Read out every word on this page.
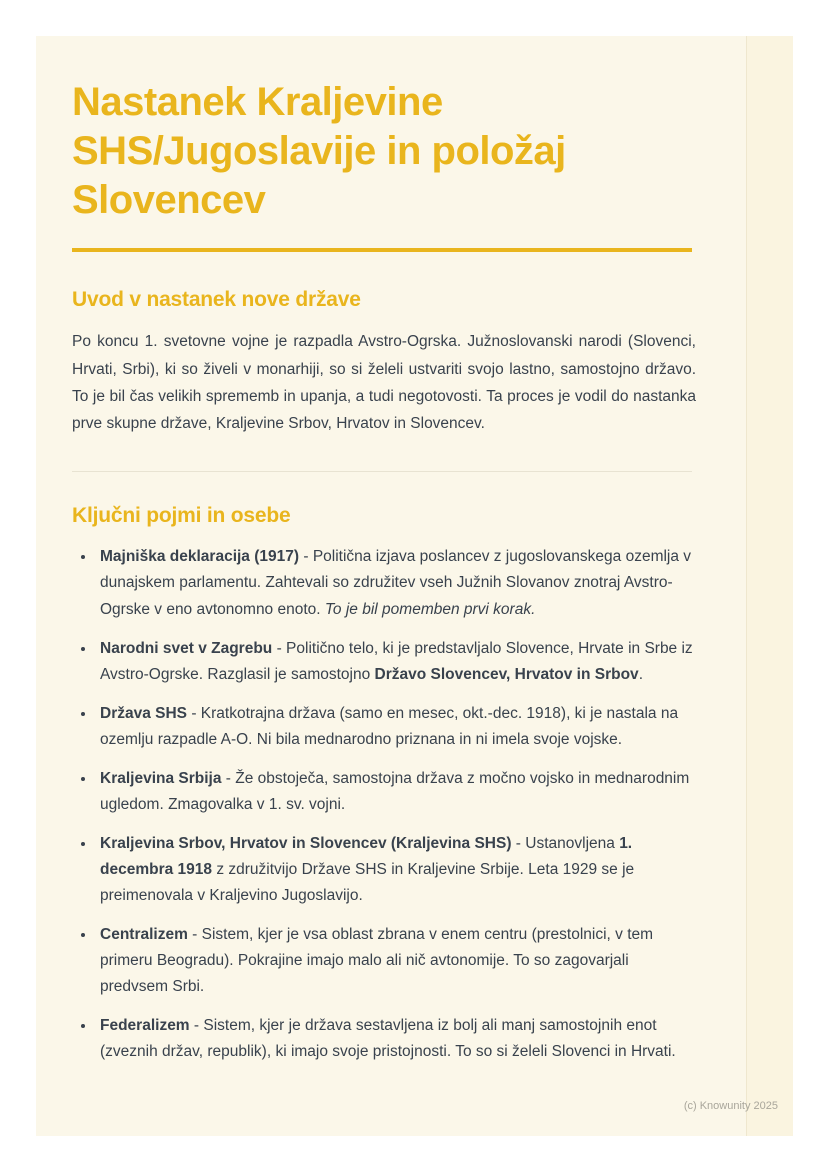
Nastanek Kraljevine SHS/Jugoslavije in položaj Slovencev
Uvod v nastanek nove države

Po koncu 1. svetovne vojne je razpadla Avstro-Ogrska. Južnoslovanski narodi (Slovenci, Hrvati, Srbi), ki so živeli v monarhiji, so si želeli ustvariti svojo lastno, samostojno državo. To je bil čas velikih sprememb in upanja, a tudi negotovosti. Ta proces je vodil do nastanka prve skupne države, Kraljevine Srbov, Hrvatov in Slovencev.

Ključni pojmi in osebe
• Majniška deklaracija (1917) - Politična izjava poslancev z jugoslovanskega ozemlja v dunajskem parlamentu. Zahtevali so združitev vseh Južnih Slovanov znotraj Avstro-Ogrske v eno avtonomno enoto. To je bil pomemben prvi korak.
• Narodni svet v Zagrebu - Politično telo, ki je predstavljalo Slovence, Hrvate in Srbe iz Avstro-Ogrske. Razglasil je samostojno Državo Slovencev, Hrvatov in Srbov.
• Država SHS - Kratkotrajna država (samo en mesec, okt.-dec. 1918), ki je nastala na ozemlju razpadle A-O. Ni bila mednarodno priznana in ni imela svoje vojske.
• Kraljevina Srbija - Že obstoječa, samostojna država z močno vojsko in mednarodnim ugledom. Zmagovalka v 1. sv. vojni.
• Kraljevina Srbov, Hrvatov in Slovencev (Kraljevina SHS) - Ustanovljena 1. decembra 1918 z združitvijo Države SHS in Kraljevine Srbije. Leta 1929 se je preimenovala v Kraljevino Jugoslavijo.
• Centralizem - Sistem, kjer je vsa oblast zbrana v enem centru (prestolnici, v tem primeru Beogradu). Pokrajine imajo malo ali nič avtonomije. To so zagovarjali predvsem Srbi.
• Federalizem - Sistem, kjer je država sestavljena iz bolj ali manj samostojnih enot (zveznih držav, republik), ki imajo svoje pristojnosti. To so si želeli Slovenci in Hrvati.
(c) Knowunity 2025
